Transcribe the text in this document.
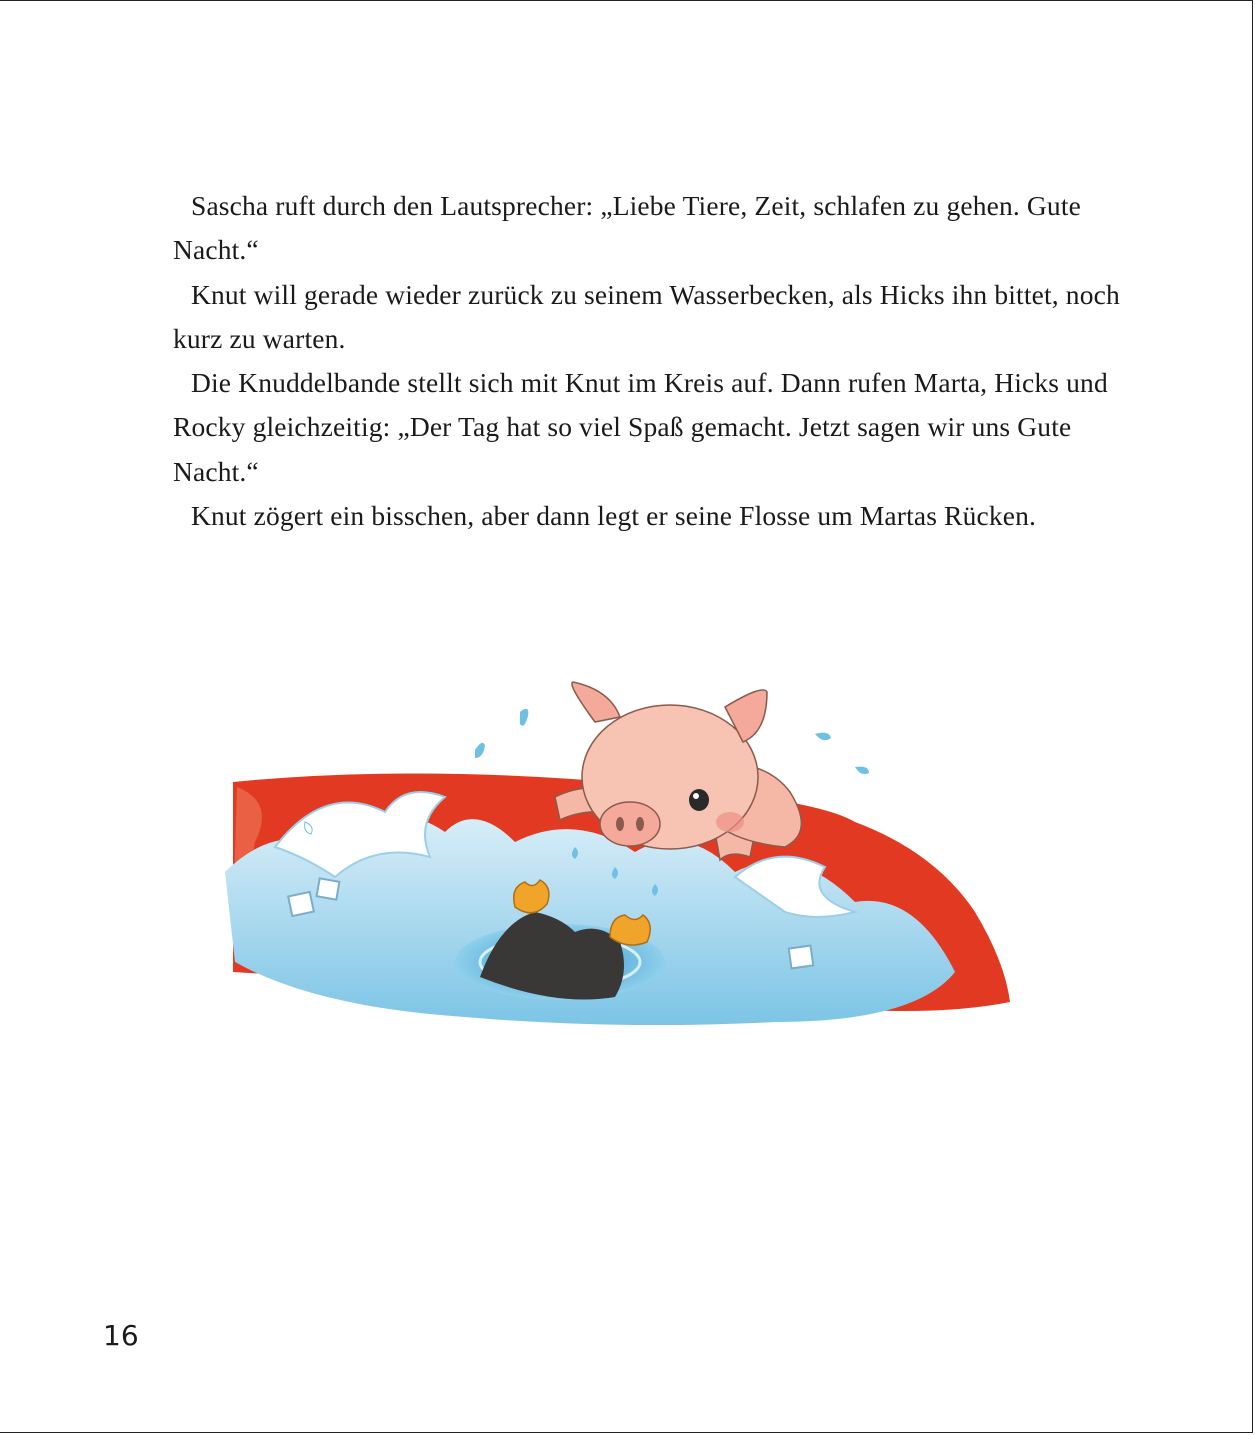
Sascha ruft durch den Lautsprecher: „Liebe Tiere, Zeit, schlafen zu gehen. Gute Nacht.“

Knut will gerade wieder zurück zu seinem Wasserbecken, als Hicks ihn bittet, noch kurz zu warten.

Die Knuddelbande stellt sich mit Knut im Kreis auf. Dann rufen Marta, Hicks und Rocky gleichzeitig: „Der Tag hat so viel Spaß gemacht. Jetzt sagen wir uns Gute Nacht.“

Knut zögert ein bisschen, aber dann legt er seine Flosse um Martas Rücken.

16
